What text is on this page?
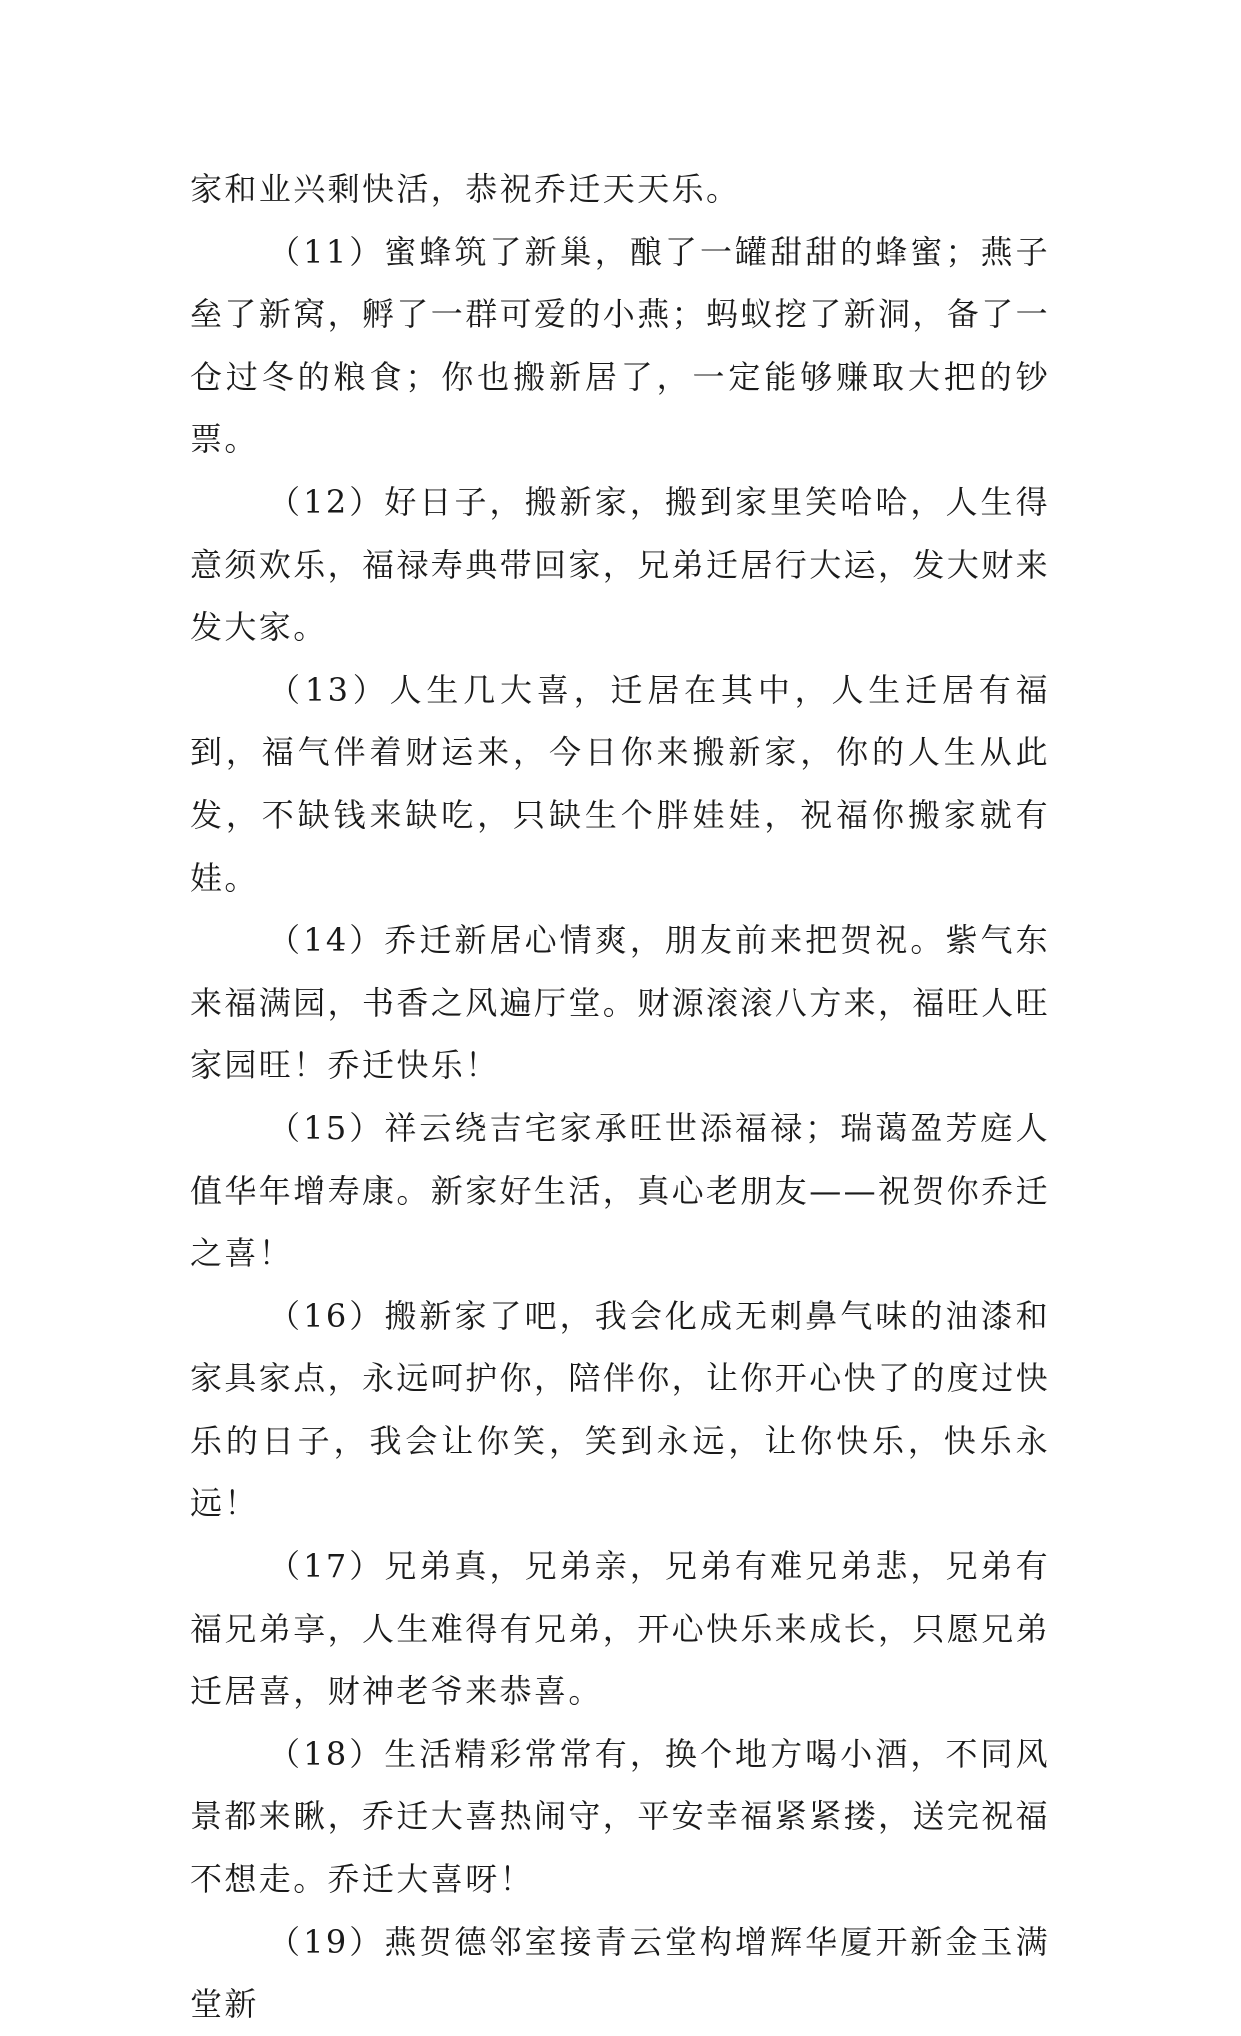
家和业兴剩快活，恭祝乔迁天天乐。

（11）蜜蜂筑了新巢，酿了一罐甜甜的蜂蜜；燕子垒了新窝，孵了一群可爱的小燕；蚂蚁挖了新洞，备了一仓过冬的粮食；你也搬新居了，一定能够赚取大把的钞票。

（12）好日子，搬新家，搬到家里笑哈哈，人生得意须欢乐，福禄寿典带回家，兄弟迁居行大运，发大财来发大家。

（13）人生几大喜，迁居在其中，人生迁居有福到，福气伴着财运来，今日你来搬新家，你的人生从此发，不缺钱来缺吃，只缺生个胖娃娃，祝福你搬家就有娃。

（14）乔迁新居心情爽，朋友前来把贺祝。紫气东来福满园，书香之风遍厅堂。财源滚滚八方来，福旺人旺家园旺！乔迁快乐！

（15）祥云绕吉宅家承旺世添福禄；瑞蔼盈芳庭人值华年增寿康。新家好生活，真心老朋友——祝贺你乔迁之喜！

（16）搬新家了吧，我会化成无刺鼻气味的油漆和家具家点，永远呵护你，陪伴你，让你开心快了的度过快乐的日子，我会让你笑，笑到永远，让你快乐，快乐永远！

（17）兄弟真，兄弟亲，兄弟有难兄弟悲，兄弟有福兄弟享，人生难得有兄弟，开心快乐来成长，只愿兄弟迁居喜，财神老爷来恭喜。

（18）生活精彩常常有，换个地方喝小酒，不同风景都来瞅，乔迁大喜热闹守，平安幸福紧紧搂，送完祝福不想走。乔迁大喜呀！

（19）燕贺德邻室接青云堂构增辉华厦开新金玉满堂新
